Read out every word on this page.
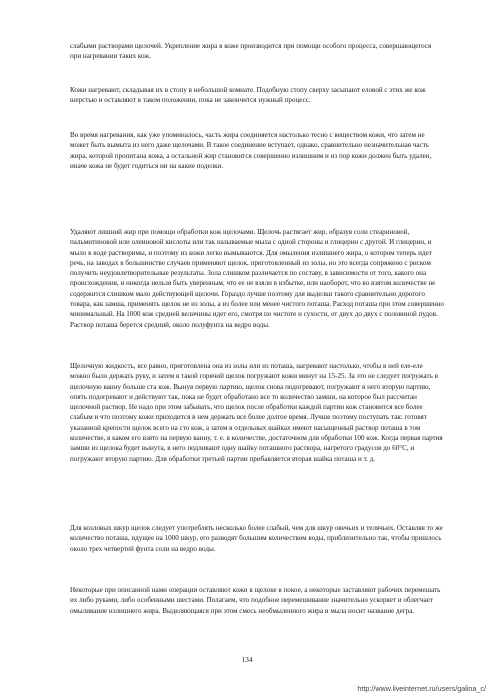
слабыми растворами щелочей. Укрепление жира в коже производится при помощи особого процесса, совершающегося при нагревании таких кож.

Кожи нагревают, складывая их в стопу в небольшой комнате. Подобную стопу сверху засыпают еловой с этих же кож шерстью и оставляют в таком положении, пока не закончится нужный процесс.

Во время нагревания, как уже упоминалось, часть жира соединяется настолько тесно с веществом кожи, что затем не может быть вымыта из него даже щелочами. В такое соединение вступает, однако, сравнительно незначительная часть жира, которой пропитана кожа, а остальной жир становится совершенно излишним и из пор кожи должен быть удален, иначе кожа не будет годиться ни на какие поделки.

Удаляют лишний жир при помощи обработки кож щелочами. Щелочь растягает жир, образуя соли стеариновой, пальмитиновой или олеиновой кислоты или так называемые мыла с одной стороны и глицерин с другой. И глицерин, и мыло в воде растворимы, и поэтому из кожи легко вымываются. Для омыления излишнего жира, о котором теперь идет речь, на заводах в большинстве случаев применяют щелок, приготовленный из золы, но это всегда сопряжено с риском получить неудовлетворительные результаты. Зола слишком различается по составу, в зависимости от того, какого она происхождения, и никогда нельзя быть уверенным, что ее не взяли в избытке, или наоборот, что во взятом количестве не содержится слишком мало действующей щелочи. Гораздо лучше поэтому для выделки такого сравнительно дорогого товара, как замша, применять щелок не из золы, а из более или менее чистого поташа. Расход поташа при этом совершенно минимальный. На 1000 кож средней величины идет его, смотря по чистоте и сухости, от двух до двух с половиной пудов. Раствор поташа берется средний, около полуфунта на ведро воды.

Щелочную жидкость, все равно, приготовлена она из золы или из поташа, нагревают настолько, чтобы в ней еле-еле можно было держать руку, и затем в такой горячий щелок погружают кожи минут на 15-25. За это не следует погружать в щелочную ванну больше ста кож. Вынув первую партию, щелок снова подогревают, погружают в него вторую партию, опять подогревают и действуют так, пока не будет обработано все то количество замши, на которое был рассчитан щелочной раствор. Не надо при этом забывать, что щелок после обработки каждой партии кож становится все более слабым и что поэтому кожи приходится в нем держать все более долгое время. Лучше поэтому поступать так: готовят указанной крепости щелок всего на сто кож, а затем в отдельных шайках имеют насыщенный раствор поташа в том количестве, в каком его взято на первую ванну, т. е. в количестве, достаточном для обработки 100 кож. Когда первая партия замши из щелока будет вынута, в него подливают одну шайку поташного раствора, нагретого градусов до 60°С, и погружают вторую партию. Для обработки третьей партии прибавляется вторая шайка поташа и т. д.

Для козловых шкур щелок следует употреблять несколько более слабый, чем для шкур овечьих и телячьих. Оставляя то же количество поташа, идущее на 1000 шкур, его разводят большим количеством воды, приблизительно так, чтобы пришлось около трех четвертей фунта соли на ведро воды.

Некоторые при описанной нами операции оставляют кожи в щелоке в покое, а некоторые заставляют рабочих перемешать их либо руками, либо особенными шестами. Полагаем, что подобное перемешивание значительно ускоряет и облегчает омыливание излишнего жира. Выделяющаяся при этом смесь необмыленного жира и мыла носит название дегра.

134
http://www.liveinternet.ru/users/galina_c/
